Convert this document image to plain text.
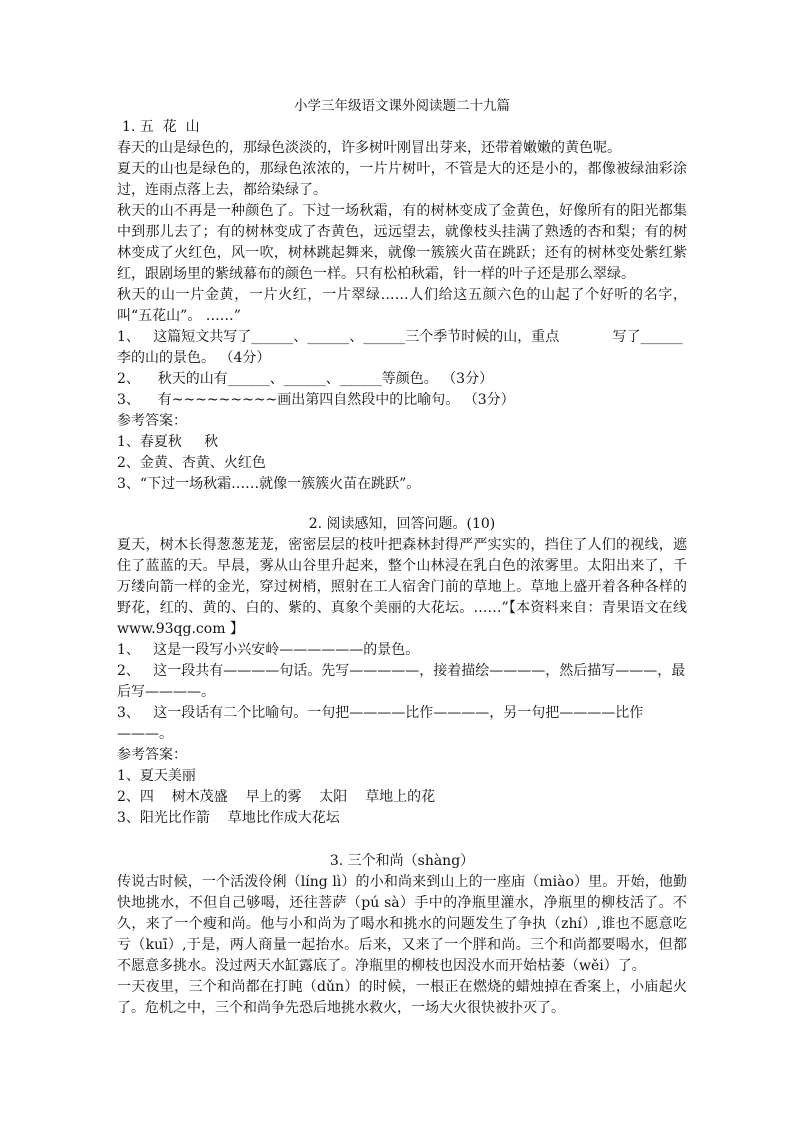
小学三年级语文课外阅读题二十九篇

1. 五  花  山

春天的山是绿色的，那绿色淡淡的，许多树叶刚冒出芽来，还带着嫩嫩的黄色呢。

夏天的山也是绿色的，那绿色浓浓的，一片片树叶，不管是大的还是小的，都像被绿油彩涂过，连雨点落上去，都给染绿了。

秋天的山不再是一种颜色了。下过一场秋霜，有的树林变成了金黄色，好像所有的阳光都集中到那儿去了；有的树林变成了杏黄色，远远望去，就像枝头挂满了熟透的杏和梨；有的树林变成了火红色，风一吹，树林跳起舞来，就像一簇簇火苗在跳跃；还有的树林变处紫红紫红，跟剧场里的紫绒幕布的颜色一样。只有松柏秋霜，针一样的叶子还是那么翠绿。

秋天的山一片金黄，一片火红，一片翠绿……人们给这五颜六色的山起了个好听的名字，叫“五花山”。 ……”

1、   这篇短文共写了______、______、______三个季节时候的山，重点            写了______李的山的景色。 （4分）

2、    秋天的山有______、______、______等颜色。 （3分）

3、    有~~~~~~~~~画出第四自然段中的比喻句。 （3分）

参考答案：

1、春夏秋     秋

2、金黄、杏黄、火红色

3、“下过一场秋霜……就像一簇簇火苗在跳跃”。

2. 阅读感知，回答问题。(10)

夏天，树木长得葱葱茏茏，密密层层的枝叶把森林封得严严实实的，挡住了人们的视线，遮住了蓝蓝的天。早晨，雾从山谷里升起来，整个山林浸在乳白色的浓雾里。太阳出来了，千万缕向箭一样的金光，穿过树梢，照射在工人宿舍门前的草地上。草地上盛开着各种各样的野花，红的、黄的、白的、紫的、真象个美丽的大花坛。……”【本资料来自：青果语文在线 www.93qg.com 】

1、   这是一段写小兴安岭——————的景色。

2、   这一段共有————句话。先写—————，接着描绘————，然后描写———，最后写————。

3、   这一段话有二个比喻句。一句把————比作————，另一句把————比作———。

参考答案：

1、夏天美丽

2、四    树木茂盛    早上的雾    太阳    草地上的花

3、阳光比作箭    草地比作成大花坛

3. 三个和尚（shàng）

传说古时候，一个活泼伶俐（líng lì）的小和尚来到山上的一座庙（miào）里。开始，他勤快地挑水，不但自己够喝，还往菩萨（pú sà）手中的净瓶里灌水，净瓶里的柳枝活了。不久，来了一个瘦和尚。他与小和尚为了喝水和挑水的问题发生了争执（zhí）,谁也不愿意吃亏（kuī）,于是，两人商量一起抬水。后来，又来了一个胖和尚。三个和尚都要喝水，但都不愿意多挑水。没过两天水缸露底了。净瓶里的柳枝也因没水而开始枯萎（wěi）了。

一天夜里，三个和尚都在打盹（dǔn）的时候，一根正在燃烧的蜡烛掉在香案上，小庙起火了。危机之中，三个和尚争先恐后地挑水救火，一场大火很快被扑灭了。
